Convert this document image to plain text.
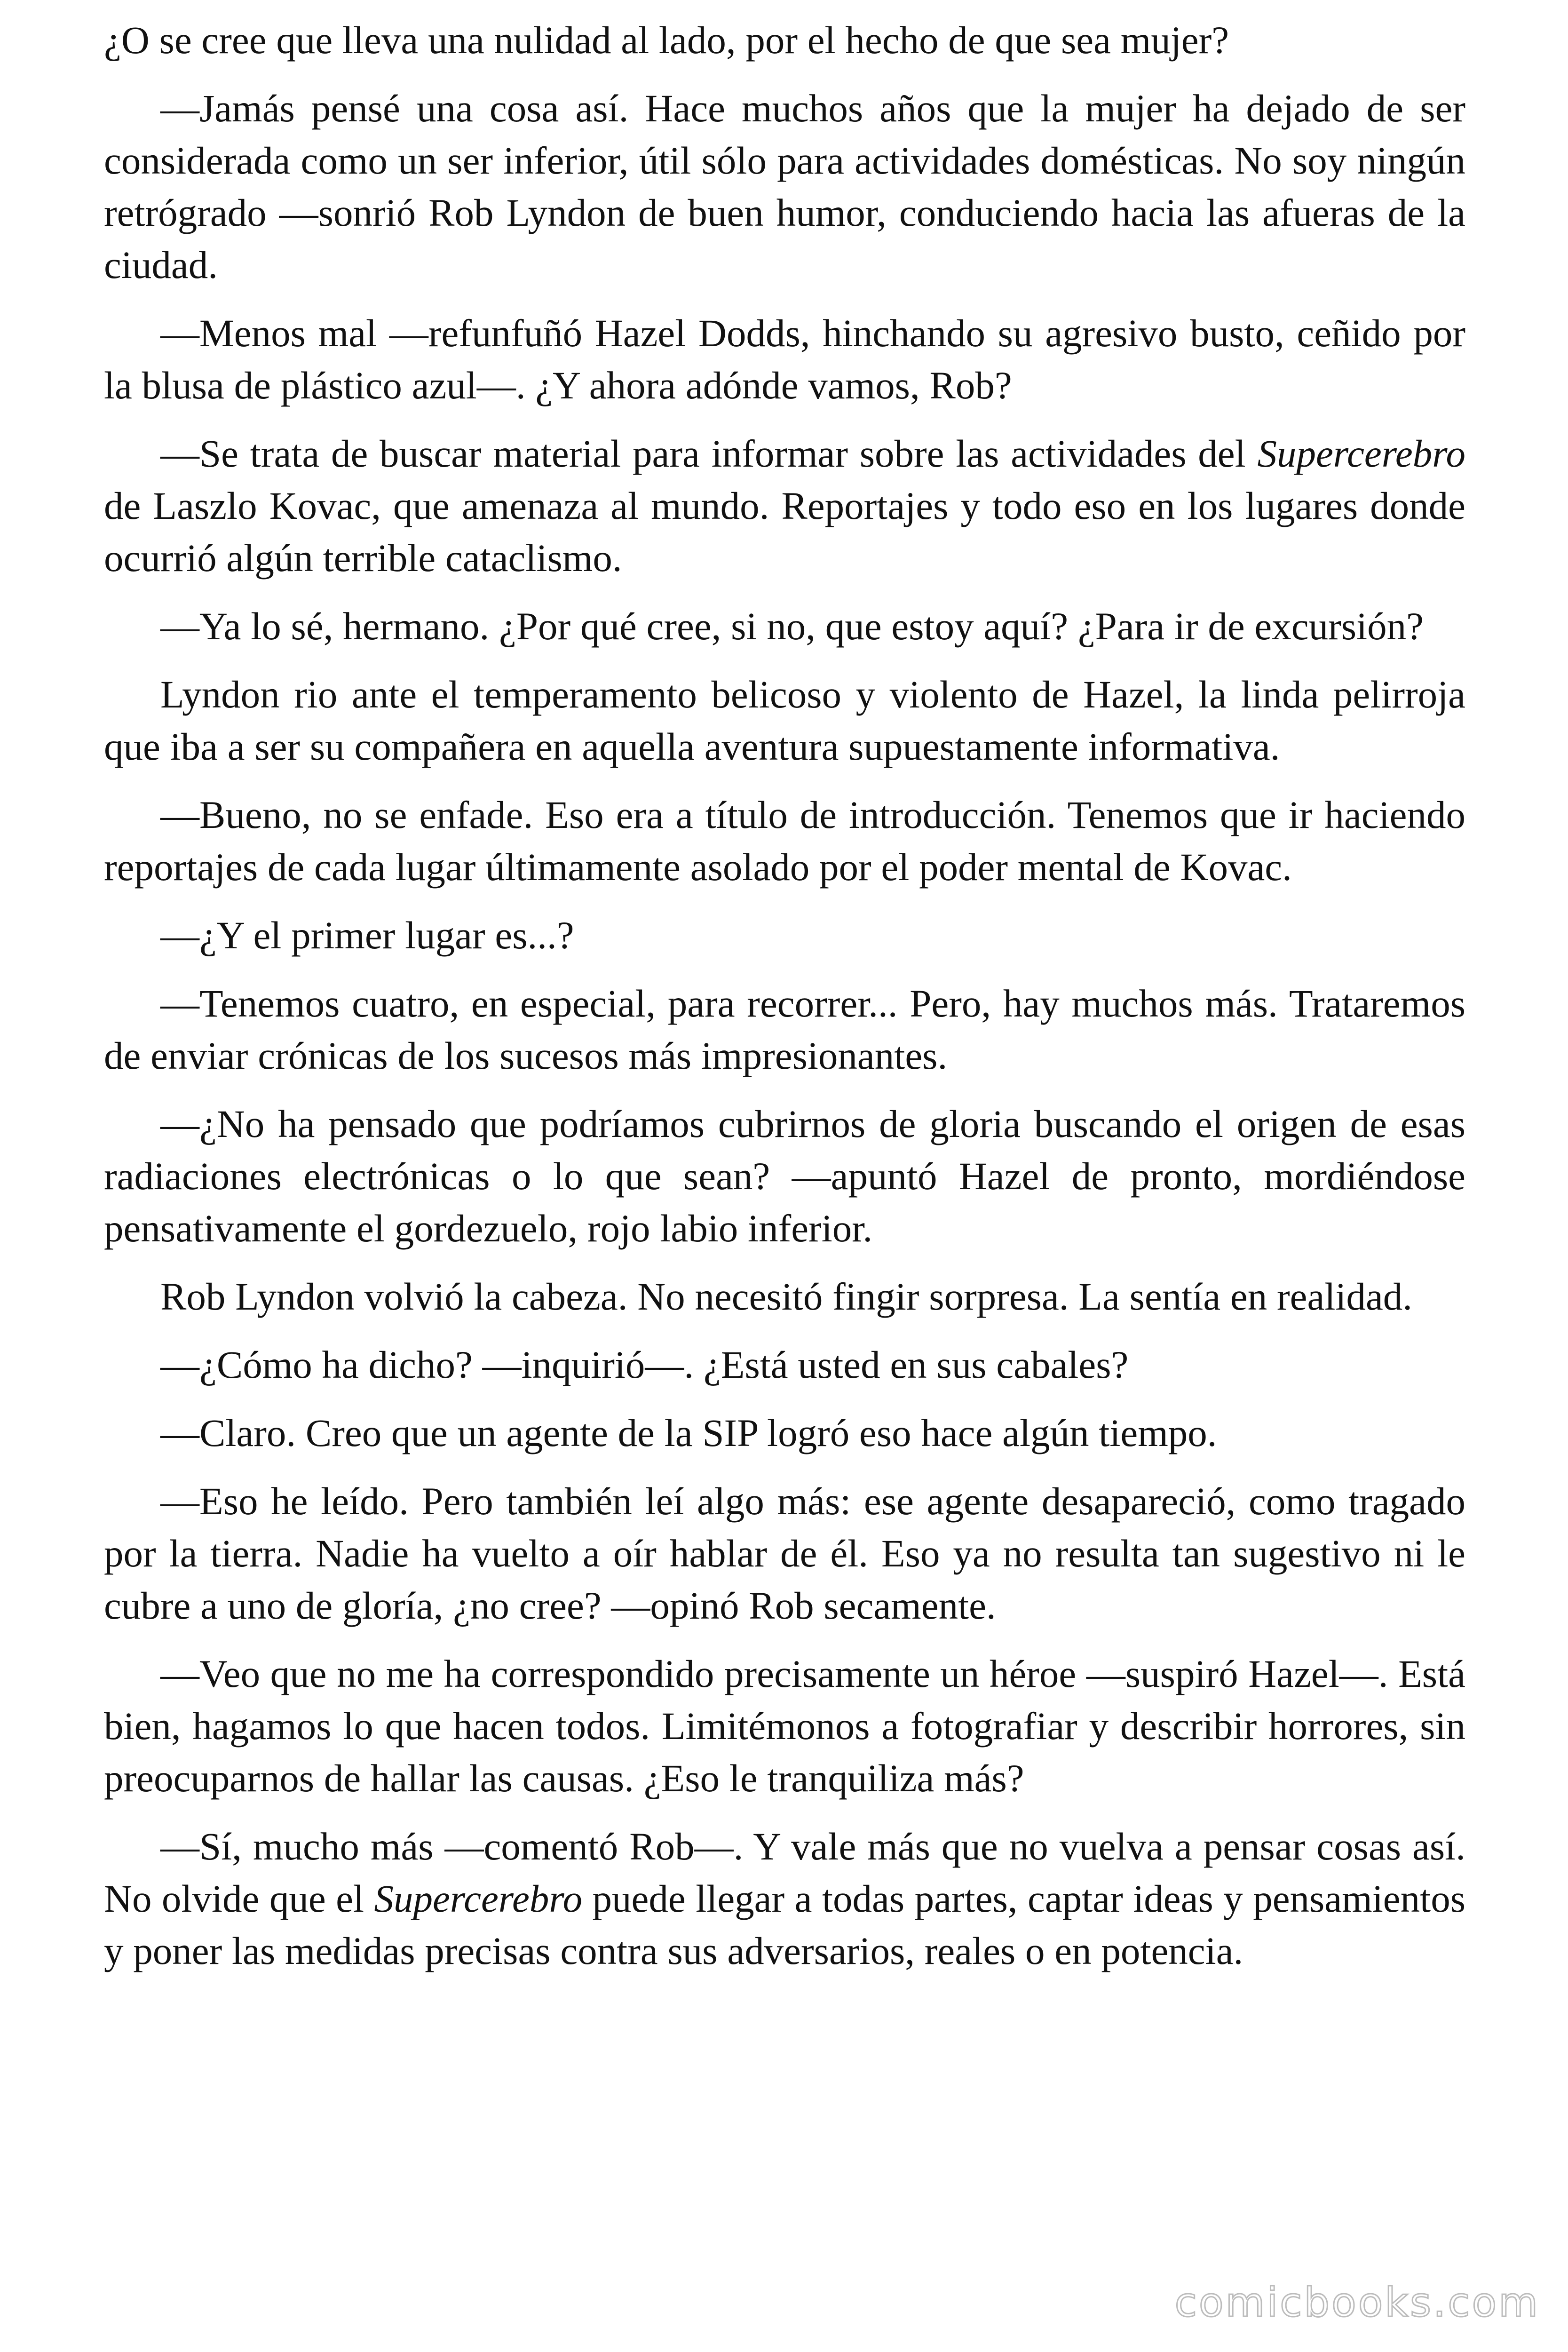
¿O se cree que lleva una nulidad al lado, por el hecho de que sea mujer?

—Jamás pensé una cosa así. Hace muchos años que la mujer ha dejado de ser considerada como un ser inferior, útil sólo para actividades domésticas. No soy ningún retrógrado —sonrió Rob Lyndon de buen humor, conduciendo hacia las afueras de la ciudad.

—Menos mal —refunfuñó Hazel Dodds, hinchando su agresivo busto, ceñido por la blusa de plástico azul—. ¿Y ahora adónde vamos, Rob?

—Se trata de buscar material para informar sobre las actividades del Supercerebro de Laszlo Kovac, que amenaza al mundo. Reportajes y todo eso en los lugares donde ocurrió algún terrible cataclismo.

—Ya lo sé, hermano. ¿Por qué cree, si no, que estoy aquí? ¿Para ir de excursión?

Lyndon rio ante el temperamento belicoso y violento de Hazel, la linda pelirroja que iba a ser su compañera en aquella aventura supuestamente informativa.

—Bueno, no se enfade. Eso era a título de introducción. Tenemos que ir haciendo reportajes de cada lugar últimamente asolado por el poder mental de Kovac.

—¿Y el primer lugar es...?

—Tenemos cuatro, en especial, para recorrer... Pero, hay muchos más. Trataremos de enviar crónicas de los sucesos más impresionantes.

—¿No ha pensado que podríamos cubrirnos de gloria buscando el origen de esas radiaciones electrónicas o lo que sean? —apuntó Hazel de pronto, mordiéndose pensativamente el gordezuelo, rojo labio inferior.

Rob Lyndon volvió la cabeza. No necesitó fingir sorpresa. La sentía en realidad.

—¿Cómo ha dicho? —inquirió—. ¿Está usted en sus cabales?

—Claro. Creo que un agente de la SIP logró eso hace algún tiempo.

—Eso he leído. Pero también leí algo más: ese agente desapareció, como tragado por la tierra. Nadie ha vuelto a oír hablar de él. Eso ya no resulta tan sugestivo ni le cubre a uno de gloría, ¿no cree? —opinó Rob secamente.

—Veo que no me ha correspondido precisamente un héroe —suspiró Hazel—. Está bien, hagamos lo que hacen todos. Limitémonos a fotografiar y describir horrores, sin preocuparnos de hallar las causas. ¿Eso le tranquiliza más?

—Sí, mucho más —comentó Rob—. Y vale más que no vuelva a pensar cosas así. No olvide que el Supercerebro puede llegar a todas partes, captar ideas y pensamientos y poner las medidas precisas contra sus adversarios, reales o en potencia.

comicbooks.com
